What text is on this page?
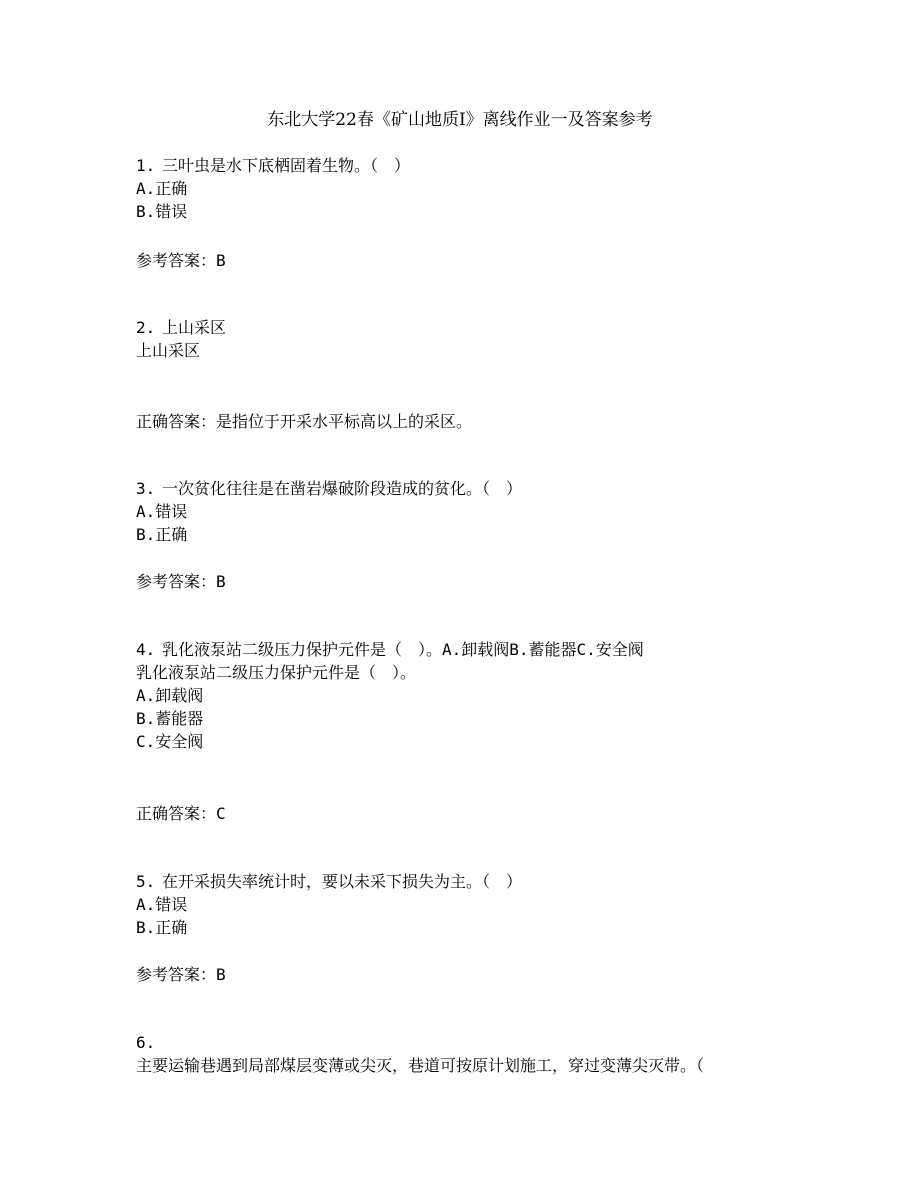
东北大学22春《矿山地质I》离线作业一及答案参考
1. 三叶虫是水下底栖固着生物。（　）
A.正确
B.错误
参考答案：B
2. 上山采区
上山采区
正确答案：是指位于开采水平标高以上的采区。
3. 一次贫化往往是在凿岩爆破阶段造成的贫化。（　）
A.错误
B.正确
参考答案：B
4. 乳化液泵站二级压力保护元件是（　）。A.卸载阀B.蓄能器C.安全阀
乳化液泵站二级压力保护元件是（　）。
A.卸载阀
B.蓄能器
C.安全阀
正确答案：C
5. 在开采损失率统计时，要以未采下损失为主。（　）
A.错误
B.正确
参考答案：B
6.
主要运输巷遇到局部煤层变薄或尖灭，巷道可按原计划施工，穿过变薄尖灭带。（
